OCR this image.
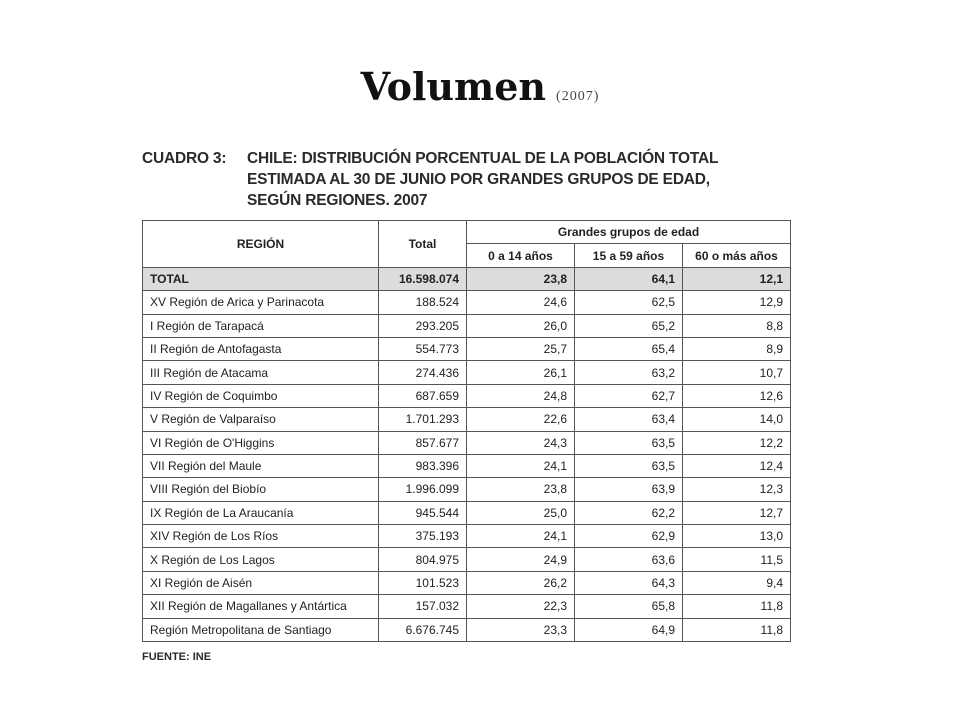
Volumen (2007)
CUADRO 3: CHILE: DISTRIBUCIÓN PORCENTUAL DE LA POBLACIÓN TOTAL
ESTIMADA AL 30 DE JUNIO POR GRANDES GRUPOS DE EDAD,
SEGÚN REGIONES. 2007
REGIÓN	Total	Grandes grupos de edad		
		0 a 14 años	15 a 59 años	60 o más años
TOTAL	16.598.074	23,8	64,1	12,1
XV Región de Arica y Parinacota	188.524	24,6	62,5	12,9
I Región de Tarapacá	293.205	26,0	65,2	8,8
II Región de Antofagasta	554.773	25,7	65,4	8,9
III Región de Atacama	274.436	26,1	63,2	10,7
IV Región de Coquimbo	687.659	24,8	62,7	12,6
V Región de Valparaíso	1.701.293	22,6	63,4	14,0
VI Región de O'Higgins	857.677	24,3	63,5	12,2
VII Región del Maule	983.396	24,1	63,5	12,4
VIII Región del Biobío	1.996.099	23,8	63,9	12,3
IX Región de La Araucanía	945.544	25,0	62,2	12,7
XIV Región de Los Ríos	375.193	24,1	62,9	13,0
X Región de Los Lagos	804.975	24,9	63,6	11,5
XI Región de Aisén	101.523	26,2	64,3	9,4
XII Región de Magallanes y Antártica	157.032	22,3	65,8	11,8
Región Metropolitana de Santiago	6.676.745	23,3	64,9	11,8
FUENTE: INE
